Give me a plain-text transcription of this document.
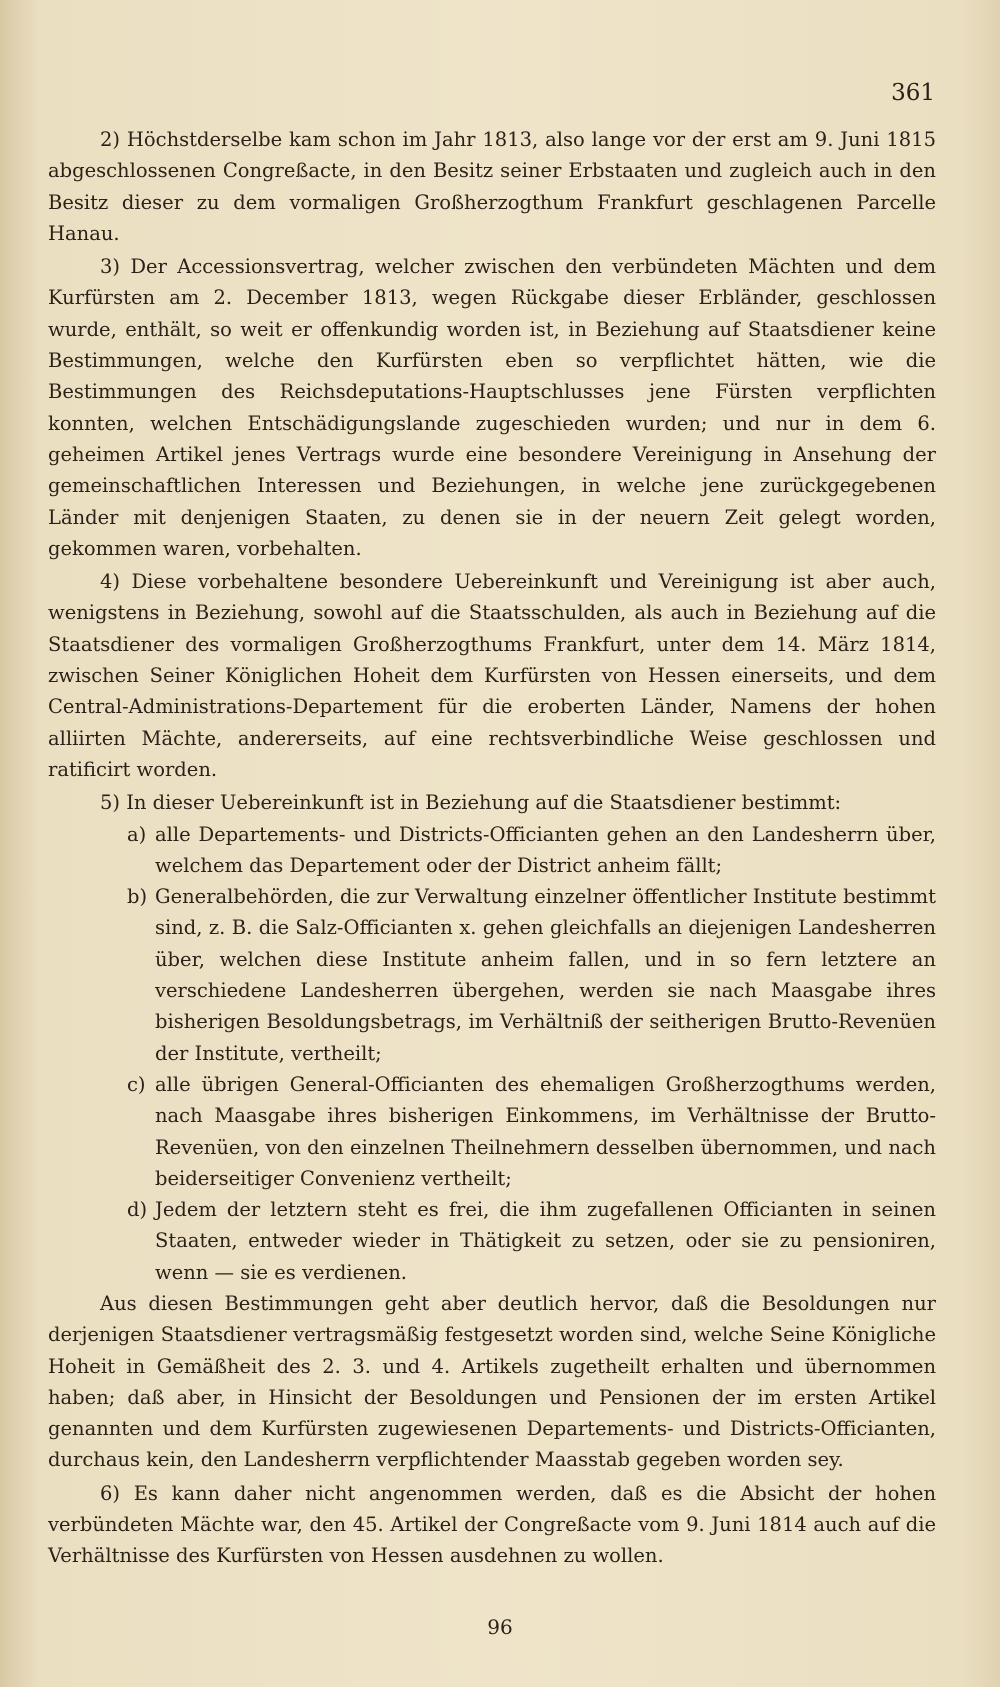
361

2) Höchstderselbe kam schon im Jahr 1813, also lange vor der erst am 9. Juni 1815 abgeschlossenen Congreßacte, in den Besitz seiner Erbstaaten und zugleich auch in den Besitz dieser zu dem vormaligen Großherzogthum Frankfurt geschlagenen Parcelle Hanau.

3) Der Accessionsvertrag, welcher zwischen den verbündeten Mächten und dem Kurfürsten am 2. December 1813, wegen Rückgabe dieser Erbländer, geschlossen wurde, enthält, so weit er offenkundig worden ist, in Beziehung auf Staatsdiener keine Bestimmungen, welche den Kurfürsten eben so verpflichtet hätten, wie die Bestimmungen des Reichsdeputations-Hauptschlusses jene Fürsten verpflichten konnten, welchen Entschädigungslande zugeschieden wurden; und nur in dem 6. geheimen Artikel jenes Vertrags wurde eine besondere Vereinigung in Ansehung der gemeinschaftlichen Interessen und Beziehungen, in welche jene zurückgegebenen Länder mit denjenigen Staaten, zu denen sie in der neuern Zeit gelegt worden, gekommen waren, vorbehalten.

4) Diese vorbehaltene besondere Uebereinkunft und Vereinigung ist aber auch, wenigstens in Beziehung, sowohl auf die Staatsschulden, als auch in Beziehung auf die Staatsdiener des vormaligen Großherzogthums Frankfurt, unter dem 14. März 1814, zwischen Seiner Königlichen Hoheit dem Kurfürsten von Hessen einerseits, und dem Central-Administrations-Departement für die eroberten Länder, Namens der hohen alliirten Mächte, andererseits, auf eine rechtsverbindliche Weise geschlossen und ratificirt worden.

5) In dieser Uebereinkunft ist in Beziehung auf die Staatsdiener bestimmt:

a) alle Departements- und Districts-Officianten gehen an den Landesherrn über, welchem das Departement oder der District anheim fällt;
b) Generalbehörden, die zur Verwaltung einzelner öffentlicher Institute bestimmt sind, z. B. die Salz-Officianten x. gehen gleichfalls an diejenigen Landesherren über, welchen diese Institute anheim fallen, und in so fern letztere an verschiedene Landesherren übergehen, werden sie nach Maasgabe ihres bisherigen Besoldungsbetrags, im Verhältniß der seitherigen Brutto-Revenüen der Institute, vertheilt;
c) alle übrigen General-Officianten des ehemaligen Großherzogthums werden, nach Maasgabe ihres bisherigen Einkommens, im Verhältnisse der Brutto-Revenüen, von den einzelnen Theilnehmern desselben übernommen, und nach beiderseitiger Convenienz vertheilt;
d) Jedem der letztern steht es frei, die ihm zugefallenen Officianten in seinen Staaten, entweder wieder in Thätigkeit zu setzen, oder sie zu pensioniren, wenn — sie es verdienen.

Aus diesen Bestimmungen geht aber deutlich hervor, daß die Besoldungen nur derjenigen Staatsdiener vertragsmäßig festgesetzt worden sind, welche Seine Königliche Hoheit in Gemäßheit des 2. 3. und 4. Artikels zugetheilt erhalten und übernommen haben; daß aber, in Hinsicht der Besoldungen und Pensionen der im ersten Artikel genannten und dem Kurfürsten zugewiesenen Departements- und Districts-Officianten, durchaus kein, den Landesherrn verpflichtender Maasstab gegeben worden sey.

6) Es kann daher nicht angenommen werden, daß es die Absicht der hohen verbündeten Mächte war, den 45. Artikel der Congreßacte vom 9. Juni 1814 auch auf die Verhältnisse des Kurfürsten von Hessen ausdehnen zu wollen.

96
